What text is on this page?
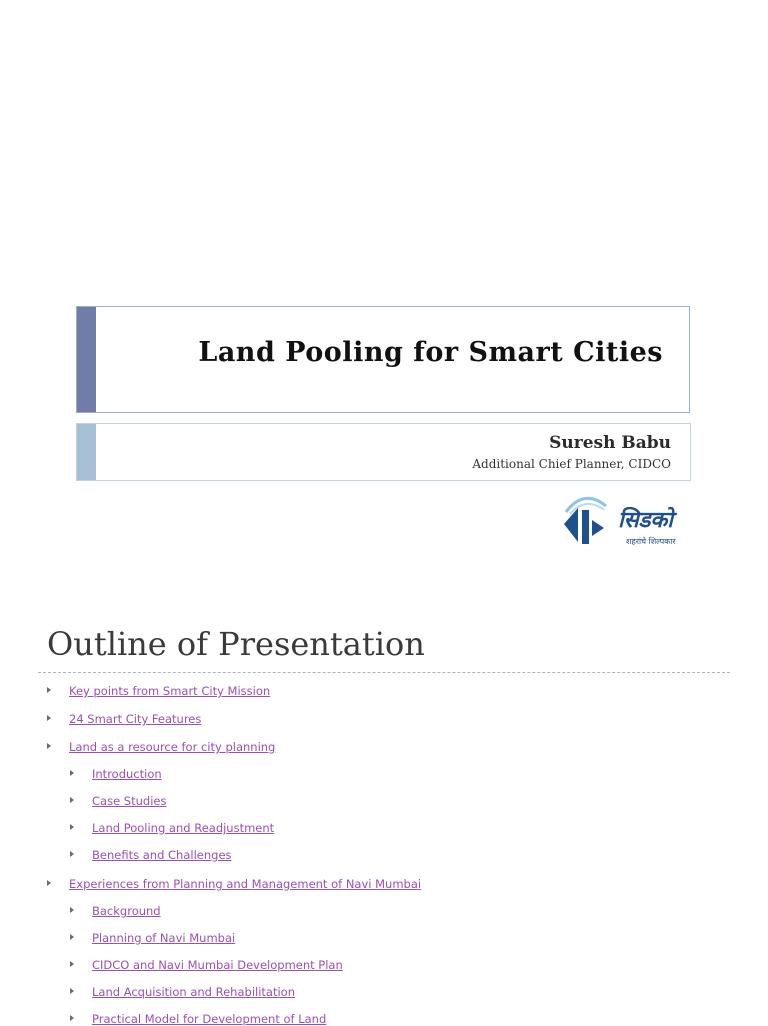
Land Pooling for Smart Cities
Suresh Babu
Additional Chief Planner, CIDCO
सिडको
शहरांचे शिल्पकार
Outline of Presentation
Key points from Smart City Mission
24 Smart City Features
Land as a resource for city planning
Introduction
Case Studies
Land Pooling and Readjustment
Benefits and Challenges
Experiences from Planning and Management of Navi Mumbai
Background
Planning of Navi Mumbai
CIDCO and Navi Mumbai Development Plan
Land Acquisition and Rehabilitation
Practical Model for Development of Land
